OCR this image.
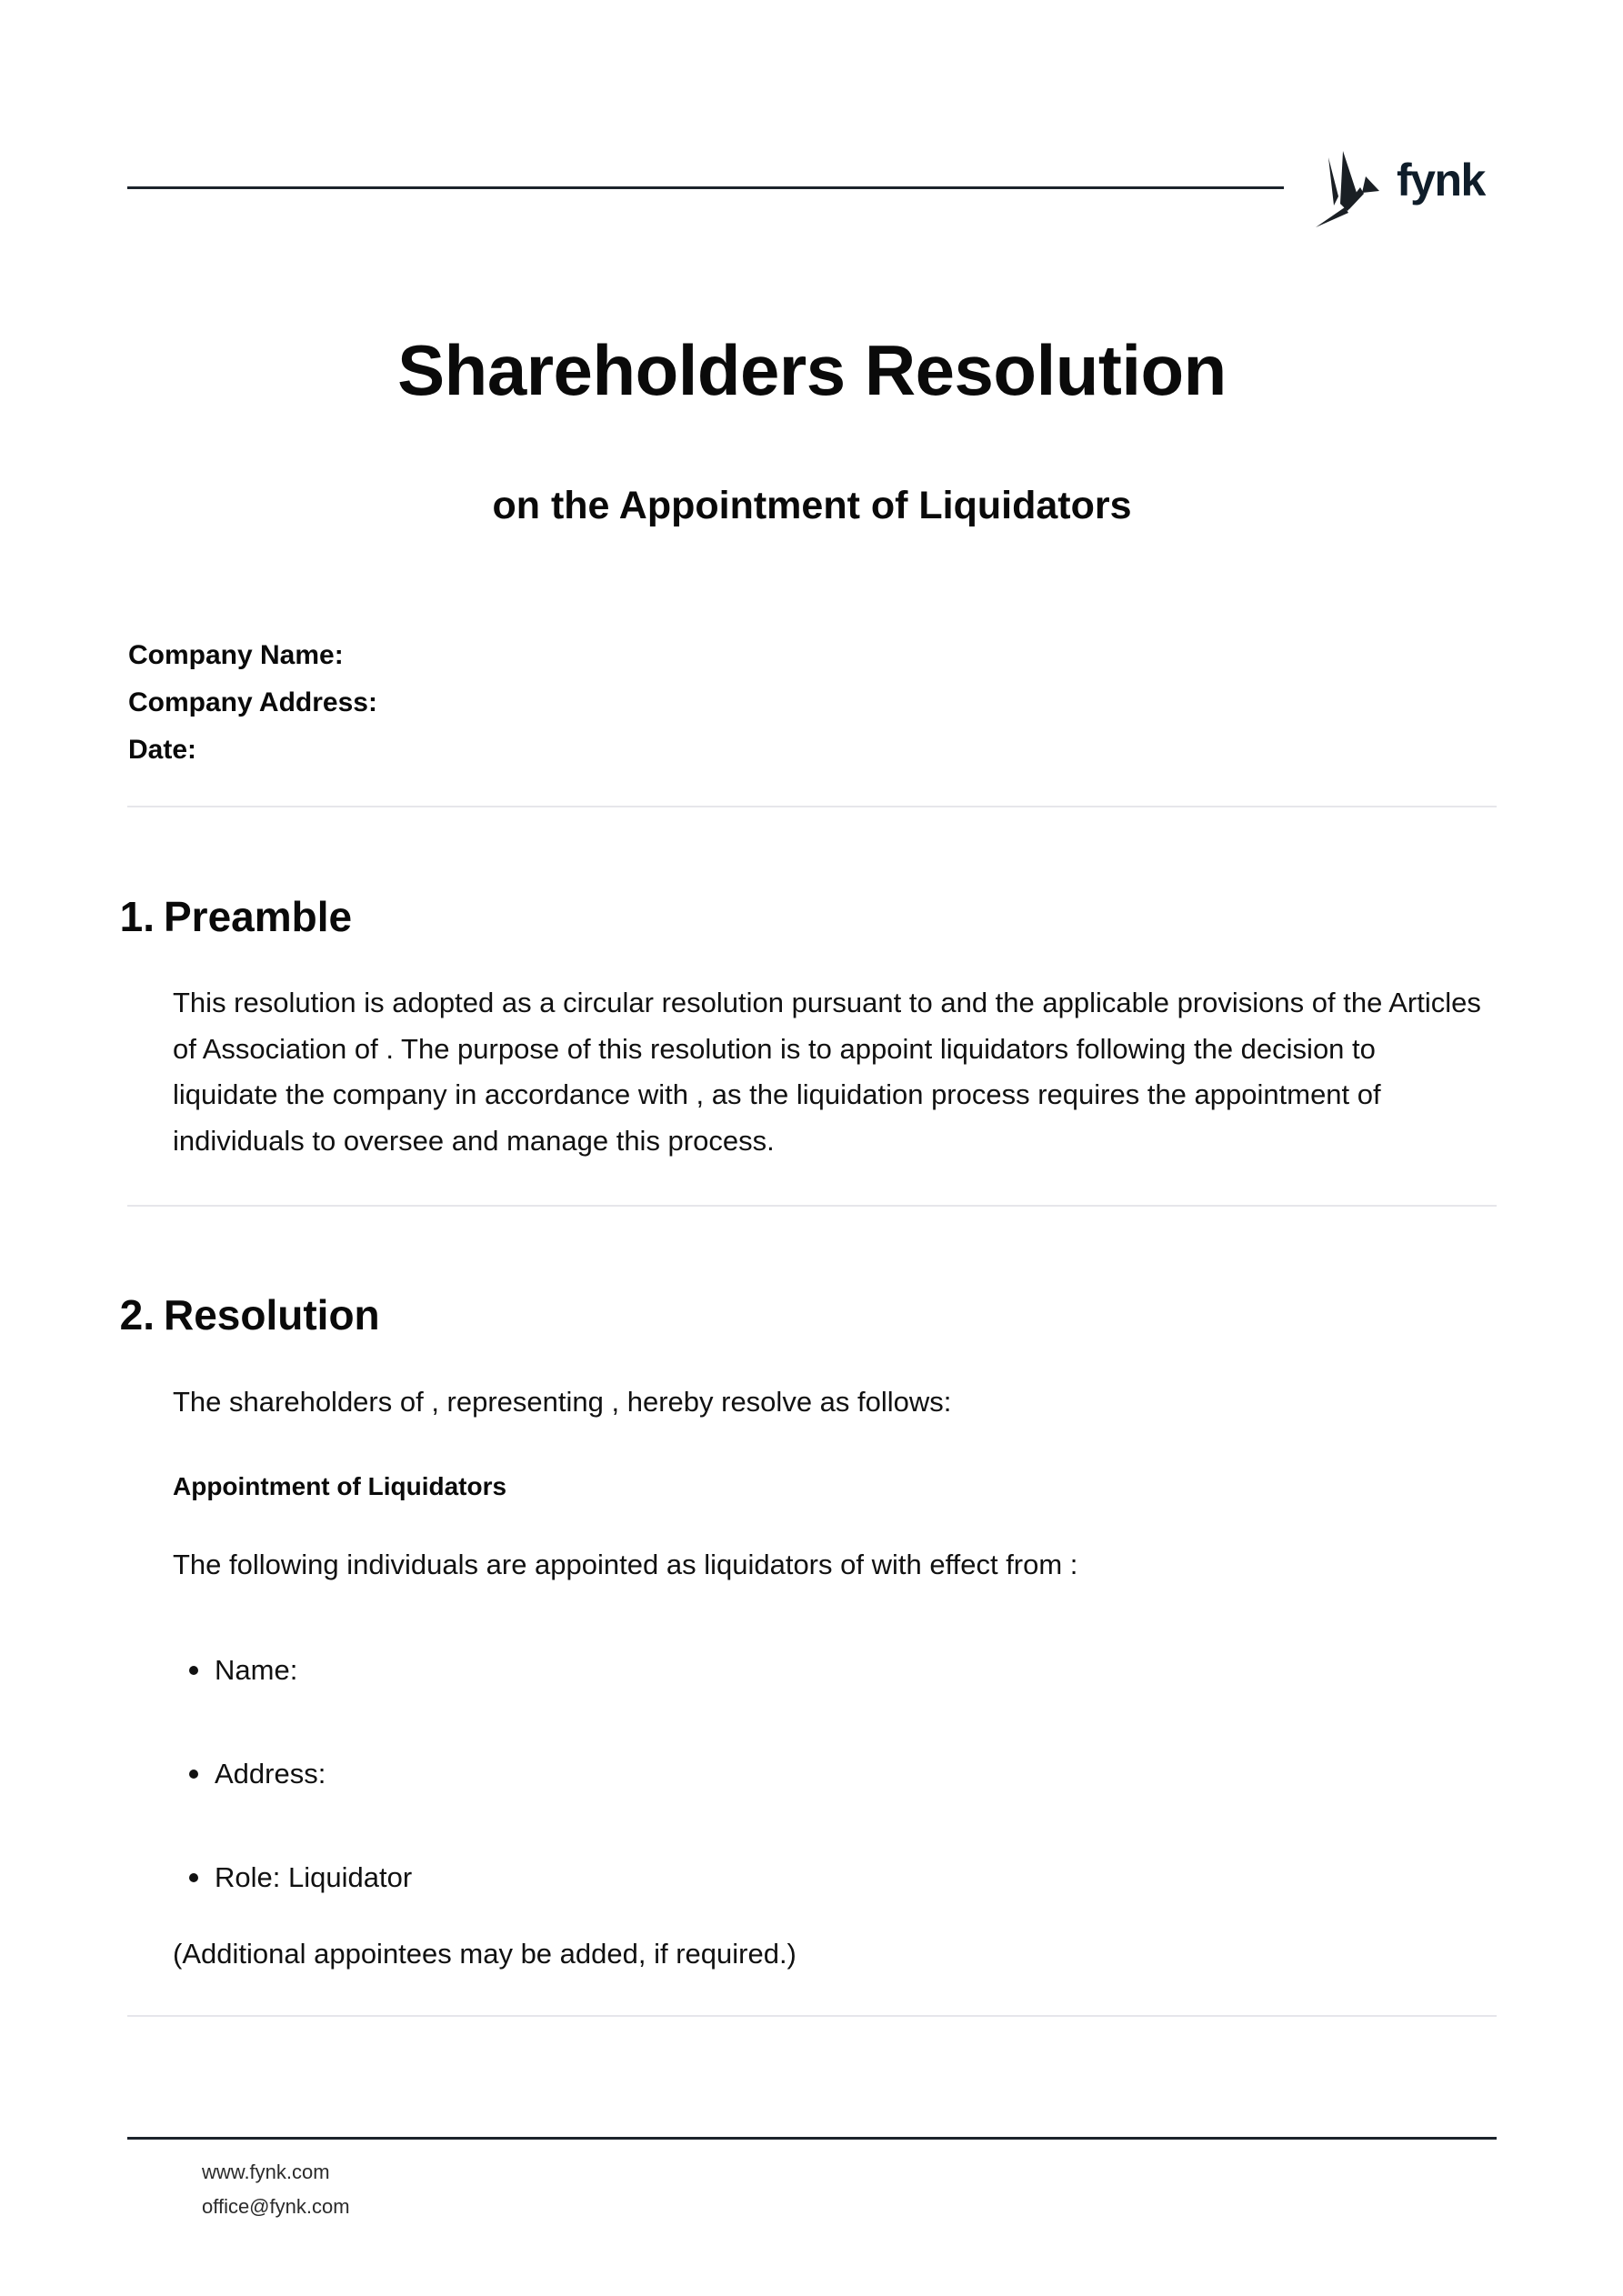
fynk
Shareholders Resolution
on the Appointment of Liquidators
Company Name:
Company Address:
Date:
1. Preamble

This resolution is adopted as a circular resolution pursuant to and the applicable provisions of the Articles of Association of . The purpose of this resolution is to appoint liquidators following the decision to liquidate the company in accordance with , as the liquidation process requires the appointment of individuals to oversee and manage this process.

2. Resolution

The shareholders of , representing , hereby resolve as follows:

Appointment of Liquidators

The following individuals are appointed as liquidators of with effect from :

Name:
Address:
Role: Liquidator

(Additional appointees may be added, if required.)

www.fynk.com
office@fynk.com
